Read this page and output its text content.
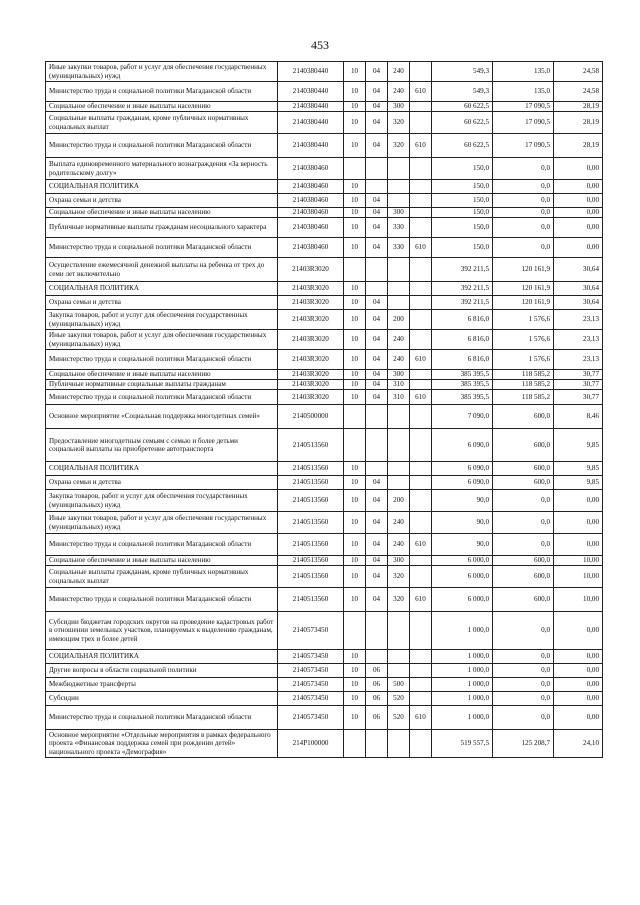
453
Иные закупки товаров, работ и услуг для обеспечения государственных (муниципальных) нужд	2140380440	10	04	240		549,3	135,0	24,58
Министерство труда и социальной политики Магаданской области	2140380440	10	04	240	610	549,3	135,0	24,58
Социальное обеспечение и иные выплаты населению	2140380440	10	04	300		60 622,5	17 090,5	28,19
Социальные выплаты гражданам, кроме публичных нормативных социальных выплат	2140380440	10	04	320		60 622,5	17 090,5	28,19
Министерство труда и социальной политики Магаданской области	2140380440	10	04	320	610	60 622,5	17 090,5	28,19
Выплата единовременного материального вознаграждения «За верность родительскому долгу»	2140380460					150,0	0,0	0,00
СОЦИАЛЬНАЯ ПОЛИТИКА	2140380460	10				150,0	0,0	0,00
Охрана семьи и детства	2140380460	10	04			150,0	0,0	0,00
Социальное обеспечение и иные выплаты населению	2140380460	10	04	300		150,0	0,0	0,00
Публичные нормативные выплаты гражданам несоциального характера	2140380460	10	04	330		150,0	0,0	0,00
Министерство труда и социальной политики Магаданской области	2140380460	10	04	330	610	150,0	0,0	0,00
Осуществление ежемесячной денежной выплаты на ребенка от трех до семи лет включительно	21403R3020					392 211,5	120 161,9	30,64
СОЦИАЛЬНАЯ ПОЛИТИКА	21403R3020	10				392 211,5	120 161,9	30,64
Охрана семьи и детства	21403R3020	10	04			392 211,5	120 161,9	30,64
Закупка товаров, работ и услуг для обеспечения государственных (муниципальных) нужд	21403R3020	10	04	200		6 816,0	1 576,6	23,13
Иные закупки товаров, работ и услуг для обеспечения государственных (муниципальных) нужд	21403R3020	10	04	240		6 816,0	1 576,6	23,13
Министерство труда и социальной политики Магаданской области	21403R3020	10	04	240	610	6 816,0	1 576,6	23,13
Социальное обеспечение и иные выплаты населению	21403R3020	10	04	300		385 395,5	118 585,2	30,77
Публичные нормативные социальные выплаты гражданам	21403R3020	10	04	310		385 395,5	118 585,2	30,77
Министерство труда и социальной политики Магаданской области	21403R3020	10	04	310	610	385 395,5	118 585,2	30,77
Основное мероприятие «Социальная поддержка многодетных семей»	2140500000					7 090,0	600,0	8,46
Предоставление многодетным семьям с семью и более детьми социальной выплаты на приобретение автотранспорта	2140513560					6 090,0	600,0	9,85
СОЦИАЛЬНАЯ ПОЛИТИКА	2140513560	10				6 090,0	600,0	9,85
Охрана семьи и детства	2140513560	10	04			6 090,0	600,0	9,85
Закупка товаров, работ и услуг для обеспечения государственных (муниципальных) нужд	2140513560	10	04	200		90,0	0,0	0,00
Иные закупки товаров, работ и услуг для обеспечения государственных (муниципальных) нужд	2140513560	10	04	240		90,0	0,0	0,00
Министерство труда и социальной политики Магаданской области	2140513560	10	04	240	610	90,0	0,0	0,00
Социальное обеспечение и иные выплаты населению	2140513560	10	04	300		6 000,0	600,0	10,00
Социальные выплаты гражданам, кроме публичных нормативных социальных выплат	2140513560	10	04	320		6 000,0	600,0	10,00
Министерство труда и социальной политики Магаданской области	2140513560	10	04	320	610	6 000,0	600,0	10,00
Субсидии бюджетам городских округов на проведение кадастровых работ в отношении земельных участков, планируемых к выделению гражданам, имеющим трех и более детей	2140573450					1 000,0	0,0	0,00
СОЦИАЛЬНАЯ ПОЛИТИКА	2140573450	10				1 000,0	0,0	0,00
Другие вопросы в области социальной политики	2140573450	10	06			1 000,0	0,0	0,00
Межбюджетные трансферты	2140573450	10	06	500		1 000,0	0,0	0,00
Субсидии	2140573450	10	06	520		1 000,0	0,0	0,00
Министерство труда и социальной политики Магаданской области	2140573450	10	06	520	610	1 000,0	0,0	0,00
Основное мероприятие «Отдельные мероприятия в рамках федерального проекта «Финансовая поддержка семей при рождении детей» национального проекта «Демография»	214P100000					519 557,5	125 208,7	24,10
